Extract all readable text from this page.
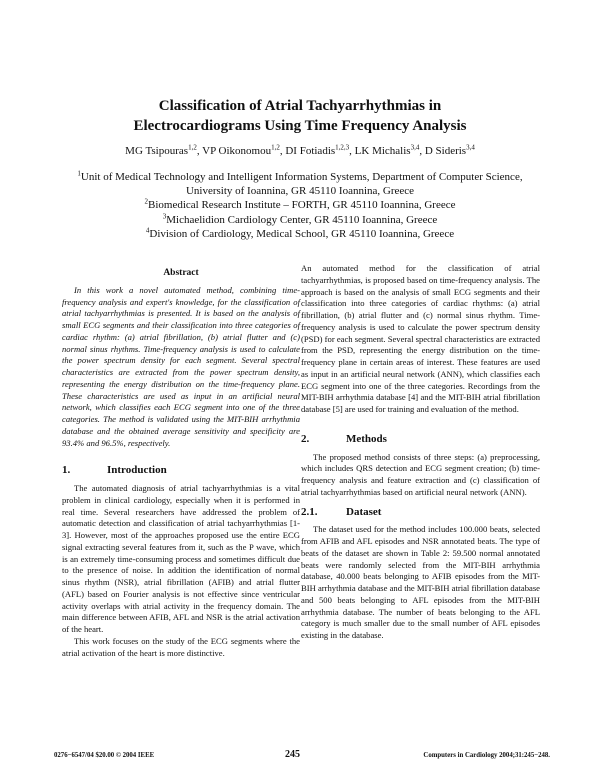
Classification of Atrial Tachyarrhythmias in
Electrocardiograms Using Time Frequency Analysis
MG Tsipouras$^{1,2}$, VP Oikonomou$^{1,2}$, DI Fotiadis$^{1,2,3}$, LK Michalis$^{3,4}$, D Sideris$^{3,4}$
$^1$Unit of Medical Technology and Intelligent Information Systems, Department of Computer Science,
University of Ioannina, GR 45110 Ioannina, Greece
$^2$Biomedical Research Institute – FORTH, GR 45110 Ioannina, Greece
$^3$Michaelidion Cardiology Center, GR 45110 Ioannina, Greece
$^4$Division of Cardiology, Medical School, GR 45110 Ioannina, Greece
Abstract

In this work a novel automated method, combining time-frequency analysis and expert's knowledge, for the classification of atrial tachyarrhythmias is presented. It is based on the analysis of small ECG segments and their classification into three categories of cardiac rhythm: (a) atrial fibrillation, (b) atrial flutter and (c) normal sinus rhythms. Time-frequency analysis is used to calculate the power spectrum density for each segment. Several spectral characteristics are extracted from the power spectrum density, representing the energy distribution on the time-frequency plane. These characteristics are used as input in an artificial neural network, which classifies each ECG segment into one of the three categories. The method is validated using the MIT-BIH arrhythmia database and the obtained average sensitivity and specificity are 93.4% and 96.5%, respectively.

1.	Introduction

The automated diagnosis of atrial tachyarrhythmias is a vital problem in clinical cardiology, especially when it is performed in real time. Several researchers have addressed the problem of automatic detection and classification of atrial tachyarrhythmias [1-3]. However, most of the approaches proposed use the entire ECG signal extracting several features from it, such as the P wave, which is an extremely time-consuming process and sometimes difficult due to the presence of noise. In addition the identification of normal sinus rhythm (NSR), atrial fibrillation (AFIB) and atrial flutter (AFL) based on Fourier analysis is not effective since ventricular activity overlaps with atrial activity in the frequency domain. The main difference between AFIB, AFL and NSR is the atrial activation of the heart.

This work focuses on the study of the ECG segments where the atrial activation of the heart is more distinctive.

An automated method for the classification of atrial tachyarrhythmias, is proposed based on time-frequency analysis. The approach is based on the analysis of small ECG segments and their classification into three categories of cardiac rhythms: (a) atrial fibrillation, (b) atrial flutter and (c) normal sinus rhythm. Time-frequency analysis is used to calculate the power spectrum density (PSD) for each segment. Several spectral characteristics are extracted from the PSD, representing the energy distribution on the time-frequency plane in certain areas of interest. These features are used as input in an artificial neural network (ANN), which classifies each ECG segment into one of the three categories. Recordings from the MIT-BIH arrhythmia database [4] and the MIT-BIH atrial fibrillation database [5] are used for training and evaluation of the method.

2.	Methods

The proposed method consists of three steps: (a) preprocessing, which includes QRS detection and ECG segment creation; (b) time-frequency analysis and feature extraction and (c) classification of atrial tachyarrhythmias based on artificial neural network (ANN).

2.1.	Dataset

The dataset used for the method includes 100.000 beats, selected from AFIB and AFL episodes and NSR annotated beats. The type of beats of the dataset are shown in Table 2: 59.500 normal annotated beats were randomly selected from the MIT-BIH arrhythmia database, 40.000 beats belonging to AFIB episodes from the MIT-BIH arrhythmia database and the MIT-BIH atrial fibrillation database and 500 beats belonging to AFL episodes from the MIT-BIH arrhythmia database. The number of beats belonging to the AFL category is much smaller due to the small number of AFL episodes existing in the database.

0276−6547/04 $20.00 © 2004 IEEE	245	Computers in Cardiology 2004;31:245−248.
